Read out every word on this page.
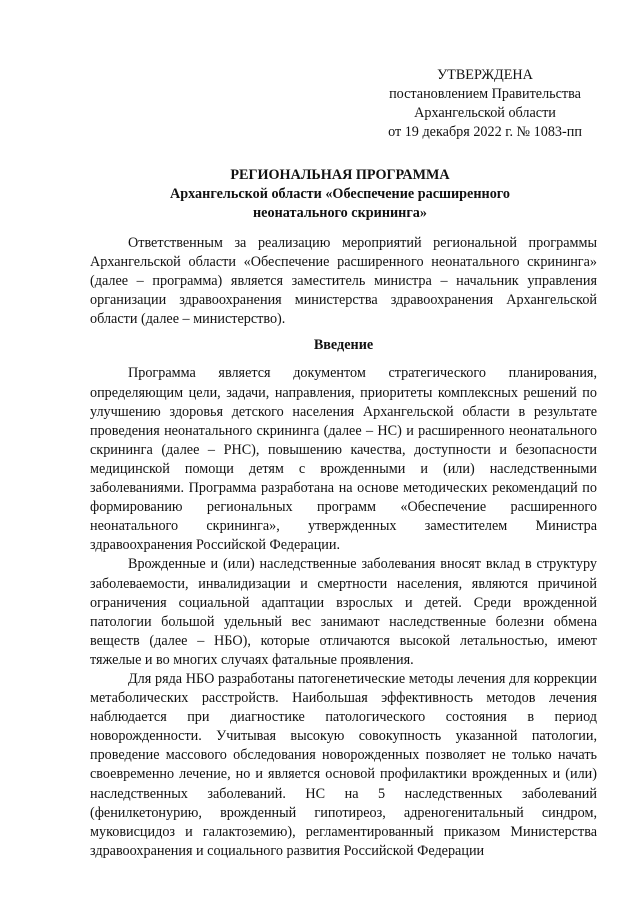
УТВЕРЖДЕНА
постановлением Правительства
Архангельской области
от 19 декабря 2022 г. № 1083-пп
РЕГИОНАЛЬНАЯ ПРОГРАММА
Архангельской области «Обеспечение расширенного
неонатального скрининга»

Ответственным за реализацию мероприятий региональной программы Архангельской области «Обеспечение расширенного неонатального скрининга» (далее – программа) является заместитель министра – начальник управления организации здравоохранения министерства здравоохранения Архангельской области (далее – министерство).

Введение

Программа является документом стратегического планирования, определяющим цели, задачи, направления, приоритеты комплексных решений по улучшению здоровья детского населения Архангельской области в результате проведения неонатального скрининга (далее – НС) и расширенного неонатального скрининга (далее – РНС), повышению качества, доступности и безопасности медицинской помощи детям с врожденными и (или) наследственными заболеваниями. Программа разработана на основе методических рекомендаций по формированию региональных программ «Обеспечение расширенного неонатального скрининга», утвержденных заместителем Министра здравоохранения Российской Федерации.

Врожденные и (или) наследственные заболевания вносят вклад в структуру заболеваемости, инвалидизации и смертности населения, являются причиной ограничения социальной адаптации взрослых и детей. Среди врожденной патологии большой удельный вес занимают наследственные болезни обмена веществ (далее – НБО), которые отличаются высокой летальностью, имеют тяжелые и во многих случаях фатальные проявления.

Для ряда НБО разработаны патогенетические методы лечения для коррекции метаболических расстройств. Наибольшая эффективность методов лечения наблюдается при диагностике патологического состояния в период новорожденности. Учитывая высокую совокупность указанной патологии, проведение массового обследования новорожденных позволяет не только начать своевременно лечение, но и является основой профилактики врожденных и (или) наследственных заболеваний. НС на 5 наследственных заболеваний (фенилкетонурию, врожденный гипотиреоз, адреногенитальный синдром, муковисцидоз и галактоземию), регламентированный приказом Министерства здравоохранения и социального развития Российской Федерации
